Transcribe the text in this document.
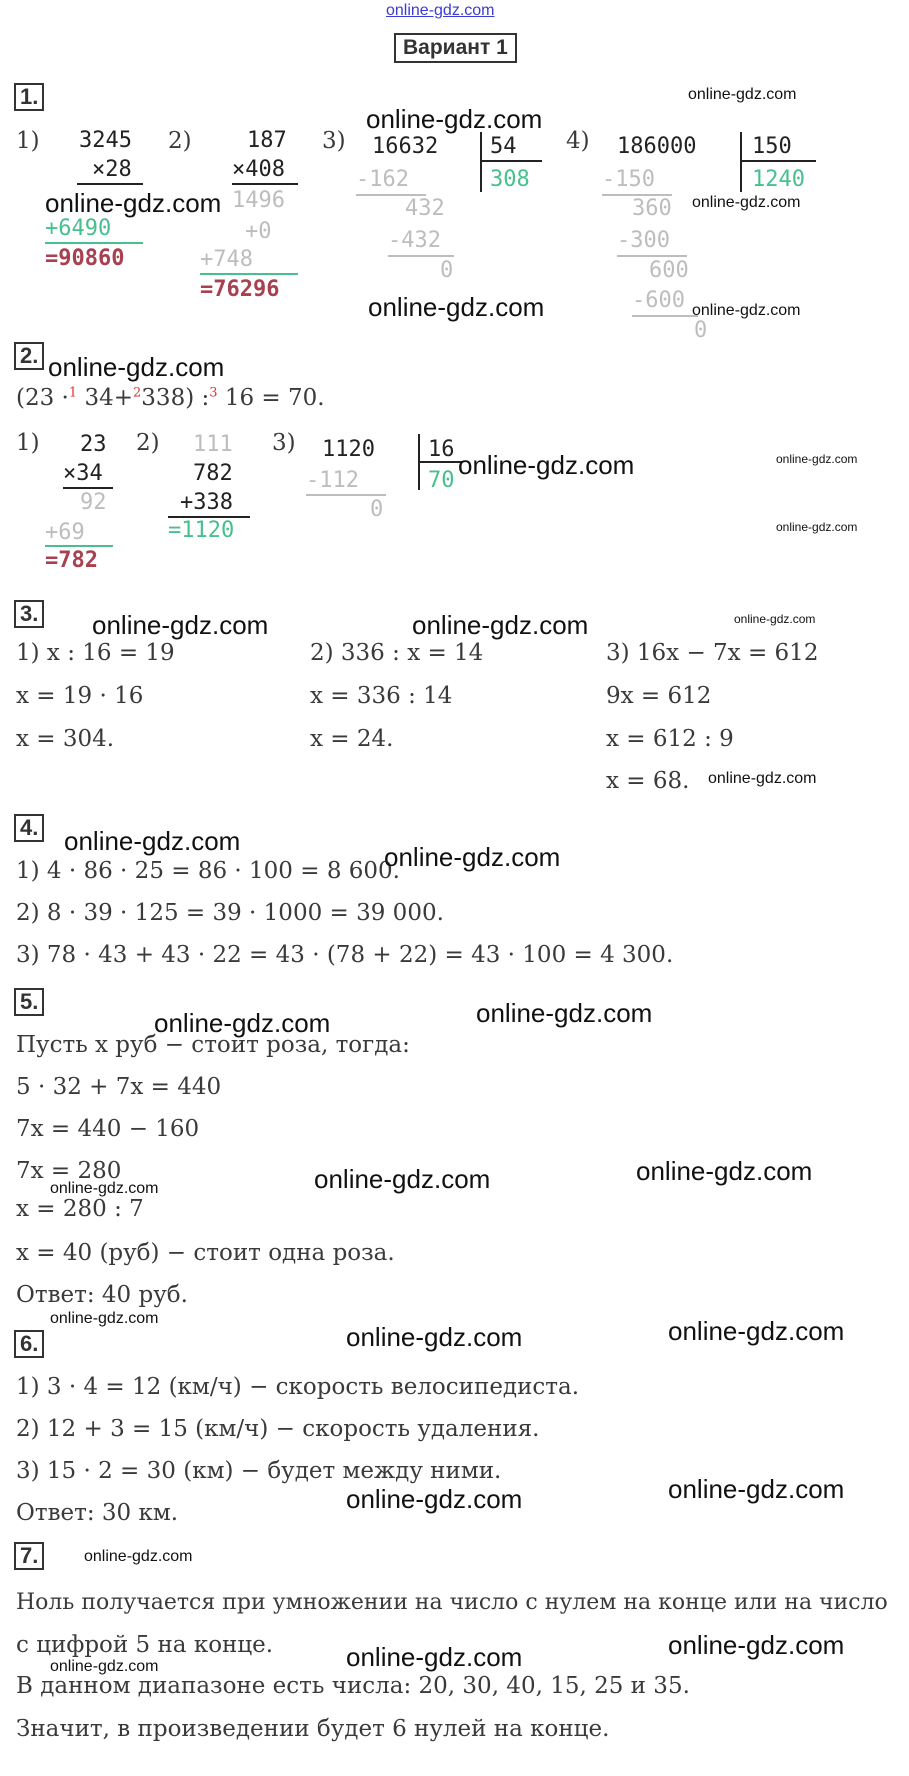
online-gdz.com
Вариант 1
1.
1) 3245
×28
+6490
=90860
2)	187
×408
1496
+0
+748
=76296
3) 16632 54
308
-162
432
-432
0
4) 186000	150
1240
-150
360
-300
600
-600
0
2.
(23 ·$^1$ 34+$^2$338) :$^3$ 16 = 70.
1) 23
×34
92
+69
=782
2) 111
782
+338
=1120
3) 1120 16
70
-112
0
3.
1) x : 16 = 19
x = 19 · 16
x = 304.
2) 336 : x = 14
x = 336 : 14
x = 24.
3) 16x − 7x = 612
9x = 612
x = 612 : 9
x = 68.
4.
1) 4 · 86 · 25 = 86 · 100 = 8 600.
2) 8 · 39 · 125 = 39 · 1000 = 39 000.
3) 78 · 43 + 43 · 22 = 43 · (78 + 22) = 43 · 100 = 4 300.
5.
Пусть x руб − стоит роза, тогда:
5 · 32 + 7x = 440
7x = 440 − 160
7x = 280
x = 280 : 7
x = 40 (руб) − стоит одна роза.
Ответ: 40 руб.
6.
1) 3 · 4 = 12 (км/ч) − скорость велосипедиста.
2) 12 + 3 = 15 (км/ч) − скорость удаления.
3) 15 · 2 = 30 (км) − будет между ними.
Ответ: 30 км.
7.
Ноль получается при умножении на число с нулем на конце или на число
с цифрой 5 на конце.
В данном диапазоне есть числа: 20, 30, 40, 15, 25 и 35.
Значит, в произведении будет 6 нулей на конце.
online-gdz.com
online-gdz.com
online-gdz.com	online-gdz.com
online-gdz.com	online-gdz.com
online-gdz.com
online-gdz.com	online-gdz.com
online-gdz.com
online-gdz.com	online-gdz.com	online-gdz.com
online-gdz.com
online-gdz.com
online-gdz.com
online-gdz.com
online-gdz.com
online-gdz.com	online-gdz.com
online-gdz.com
online-gdz.com
online-gdz.com	online-gdz.com
online-gdz.com	online-gdz.com
online-gdz.com
online-gdz.com	online-gdz.com
online-gdz.com
